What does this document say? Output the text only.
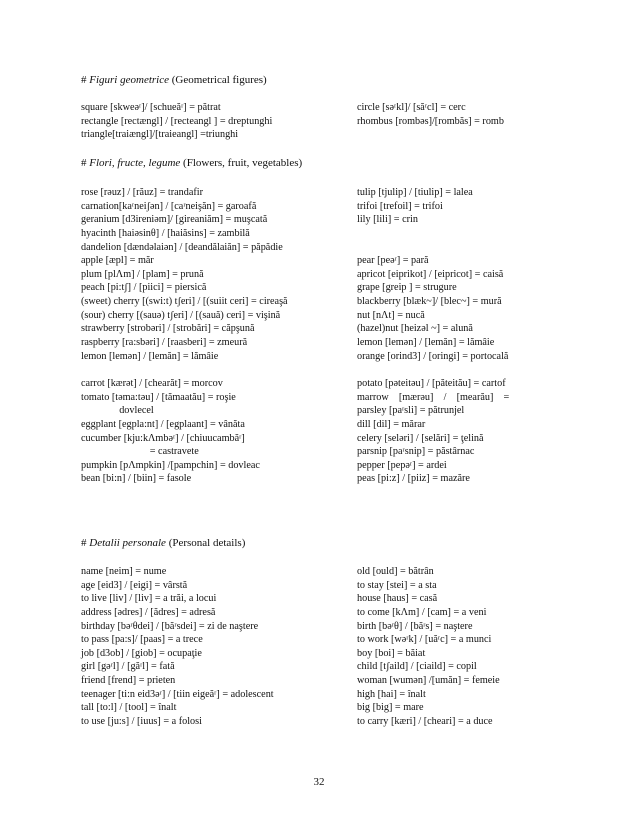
# Figuri geometrice (Geometrical figures)
square [skweəʳ]/ [schueăʳ] = pătrat
rectangle [rectængl] / [recteangl ] = dreptunghi
triangle[traiængl]/[traieangl] =triunghi
circle [səʳkl]/ [săʳcl] = cerc
rhombus [rombəs]/[rombăs] = romb
# Flori, fructe, legume (Flowers, fruit, vegetables)
rose [rəuz] / [răuz] = trandafir
carnation[kaʳneiʃən] / [caʳneişăn] = garoafă
geranium [d3ireniəm]/ [gireaniăm] = muşcată
hyacinth [haiəsinθ] / [haiăsins] = zambilă
dandelion [dændəlaiən] / [deandălaiăn] = păpădie
apple [æpl] = măr
plum [plΛm] / [plam] = prună
peach [pi:tʃ] / [piici] = piersică
(sweet) cherry [(swi:t) tʃeri] / [(suiit ceri] = cireaşă
(sour) cherry [(sauə) tʃeri] / [(sauă) ceri] = vişină
strawberry [strobəri] / [strobări] = căpşună
raspberry [ra:sbəri] / [raasberi] = zmeură
lemon [lemən] / [lemăn] = lămâie
carrot [kærət] / [chearăt] = morcov
tomato [təma:təu] / [tămaatău] = roşie
dovlecel
eggplant [egpla:nt] / [egplaant] = vânăta
cucumber [kju:kΛmbəʳ] / [chiuucambăʳ]
= castravete
pumpkin [pΛmpkin] /[pampchin] = dovleac
bean [bi:n] / [biin] = fasole
tulip [tjulip] / [tiulip] = lalea
trifoi [trefoil] = trifoi
lily [lili] = crin
pear [peəʳ] = pară
apricot [eiprikot] / [eipricot] = caisă
grape [greip ] = strugure
blackberry [blæk~]/ [blec~] = mură
nut [nΛt] = nucă
(hazel)nut [heizəl ~] = alună
lemon [lemən] / [lemăn] = lămâie
orange [orind3] / [oringi] = portocală
potato [pəteitəu] / [păteitău] = cartof
marrow    [mærəu]    /    [mearău]    =
parsley [paʳsli] = pătrunjel
dill [dil] = mărar
celery [seləri] / [selări] = ţelină
parsnip [paʳsnip] = păstârnac
pepper [pepəʳ] = ardei
peas [pi:z] / [piiz] = mazăre
# Detalii personale (Personal details)
name [neim] = nume
age [eid3] / [eigi] = vârstă
to live [liv] / [liv] = a trăi, a locui
address [ədres] / [ădres] = adresă
birthday [bəʳθdei] / [băʳsdei] = zi de naştere
to pass [pa:s]/ [paas] = a trece
job [d3ob] / [giob] = ocupaţie
girl [gəʳl] / [găʳl] = fată
friend [frend] = prieten
teenager [ti:n eid3əʳ] / [tiin eigeăʳ] = adolescent
tall [to:l] / [tool] = înalt
to use [ju:s] / [iuus] = a folosi
old [ould] = bătrân
to stay [stei] = a sta
house [haus] = casă
to come [kΛm] / [cam] = a veni
birth [bəʳθ] / [băʳs] = naştere
to work [wəʳk] / [uăʳc] = a munci
boy [boi] = băiat
child [tʃaild] / [ciaild] = copil
woman [wumən] /[umăn] = femeie
high [hai] = înalt
big [big] = mare
to carry [kæri] / [cheari] = a duce
32
